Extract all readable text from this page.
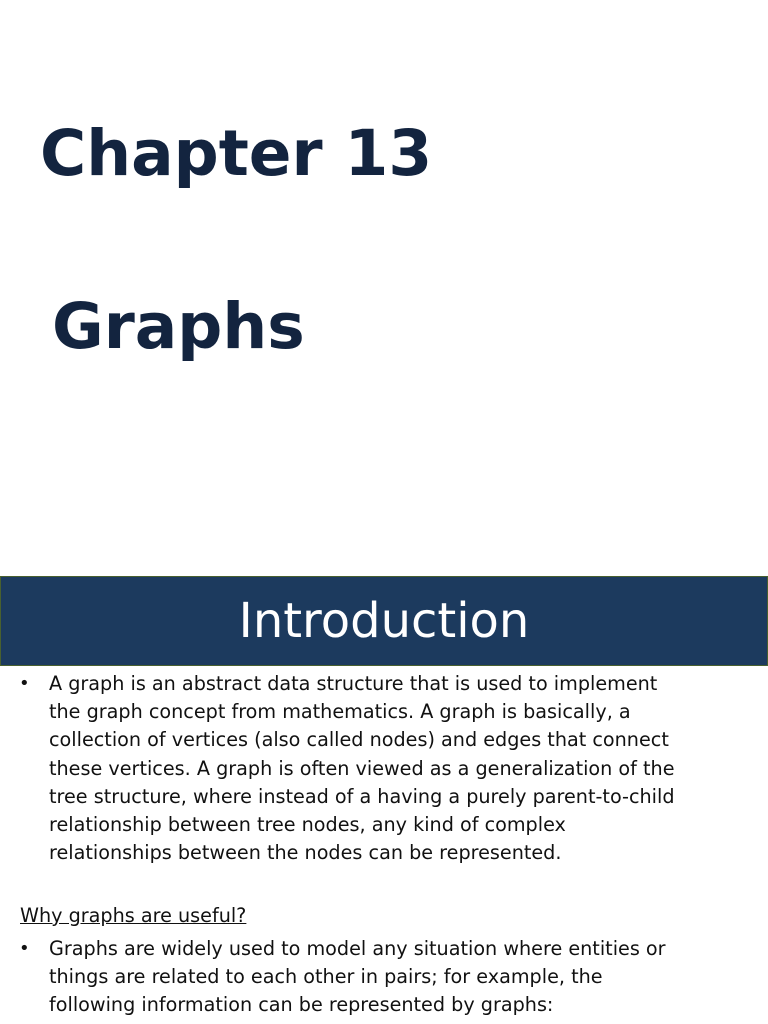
Chapter 13
Graphs
Introduction
• A graph is an abstract data structure that is used to implement
the graph concept from mathematics. A graph is basically, a
collection of vertices (also called nodes) and edges that connect
these vertices. A graph is often viewed as a generalization of the
tree structure, where instead of a having a purely parent-to-child
relationship between tree nodes, any kind of complex
relationships between the nodes can be represented.

Why graphs are useful?

• Graphs are widely used to model any situation where entities or
things are related to each other in pairs; for example, the
following information can be represented by graphs:
